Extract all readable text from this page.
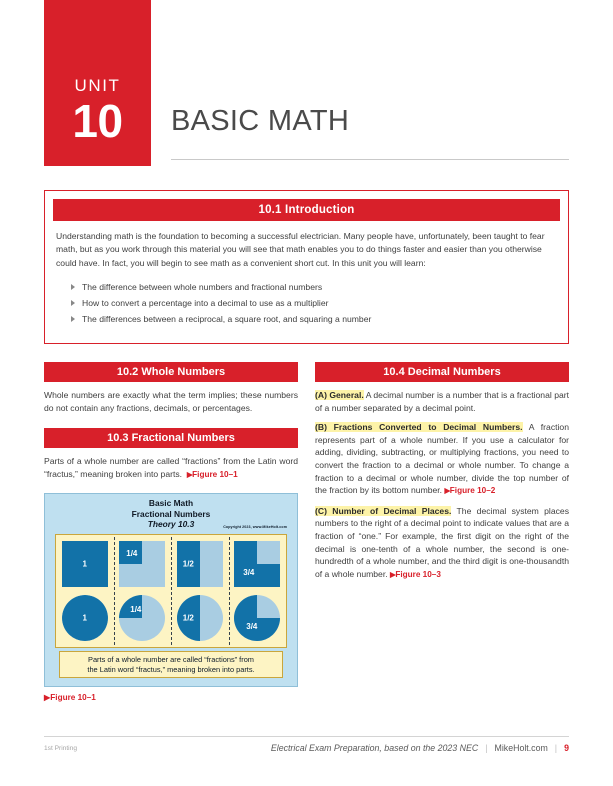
UNIT
10	BASIC MATH
10.1 Introduction
Understanding math is the foundation to becoming a successful electrician. Many people have, unfortunately, been taught to fear math, but as you work through this material you will see that math enables you to do things faster and easier than you otherwise could have. In fact, you will begin to see math as a convenient short cut. In this unit you will learn:
The difference between whole numbers and fractional numbers
How to convert a percentage into a decimal to use as a multiplier
The differences between a reciprocal, a square root, and squaring a number
10.2 Whole Numbers

Whole numbers are exactly what the term implies; these numbers do not contain any fractions, decimals, or percentages.

10.3 Fractional Numbers

Parts of a whole number are called “fractions” from the Latin word “fractus,” meaning broken into parts. ▶Figure 10–1

Basic Math
Fractional Numbers
Theory 10.3	Copyright 2023, www.MikeHolt.com
1
1
1/4
1/4
1/2
1/2
3/4
3/4
Parts of a whole number are called “fractions” from
the Latin word “fractus,” meaning broken into parts.
▶Figure 10–1
10.4 Decimal Numbers

(A) General. A decimal number is a number that is a fractional part of a number separated by a decimal point.

(B) Fractions Converted to Decimal Numbers. A fraction represents part of a whole number. If you use a calculator for adding, dividing, subtracting, or multiplying fractions, you need to convert the fraction to a decimal or whole number. To change a fraction to a decimal or whole number, divide the top number of the fraction by its bottom number. ▶Figure 10–2

(C) Number of Decimal Places. The decimal system places numbers to the right of a decimal point to indicate values that are a fraction of “one.” For example, the first digit on the right of the decimal is one-tenth of a whole number, the second is one-hundredth of a whole number, and the third digit is one-thousandth of a whole number. ▶Figure 10–3

1st Printing	Electrical Exam Preparation, based on the 2023 NEC | MikeHolt.com | 9
